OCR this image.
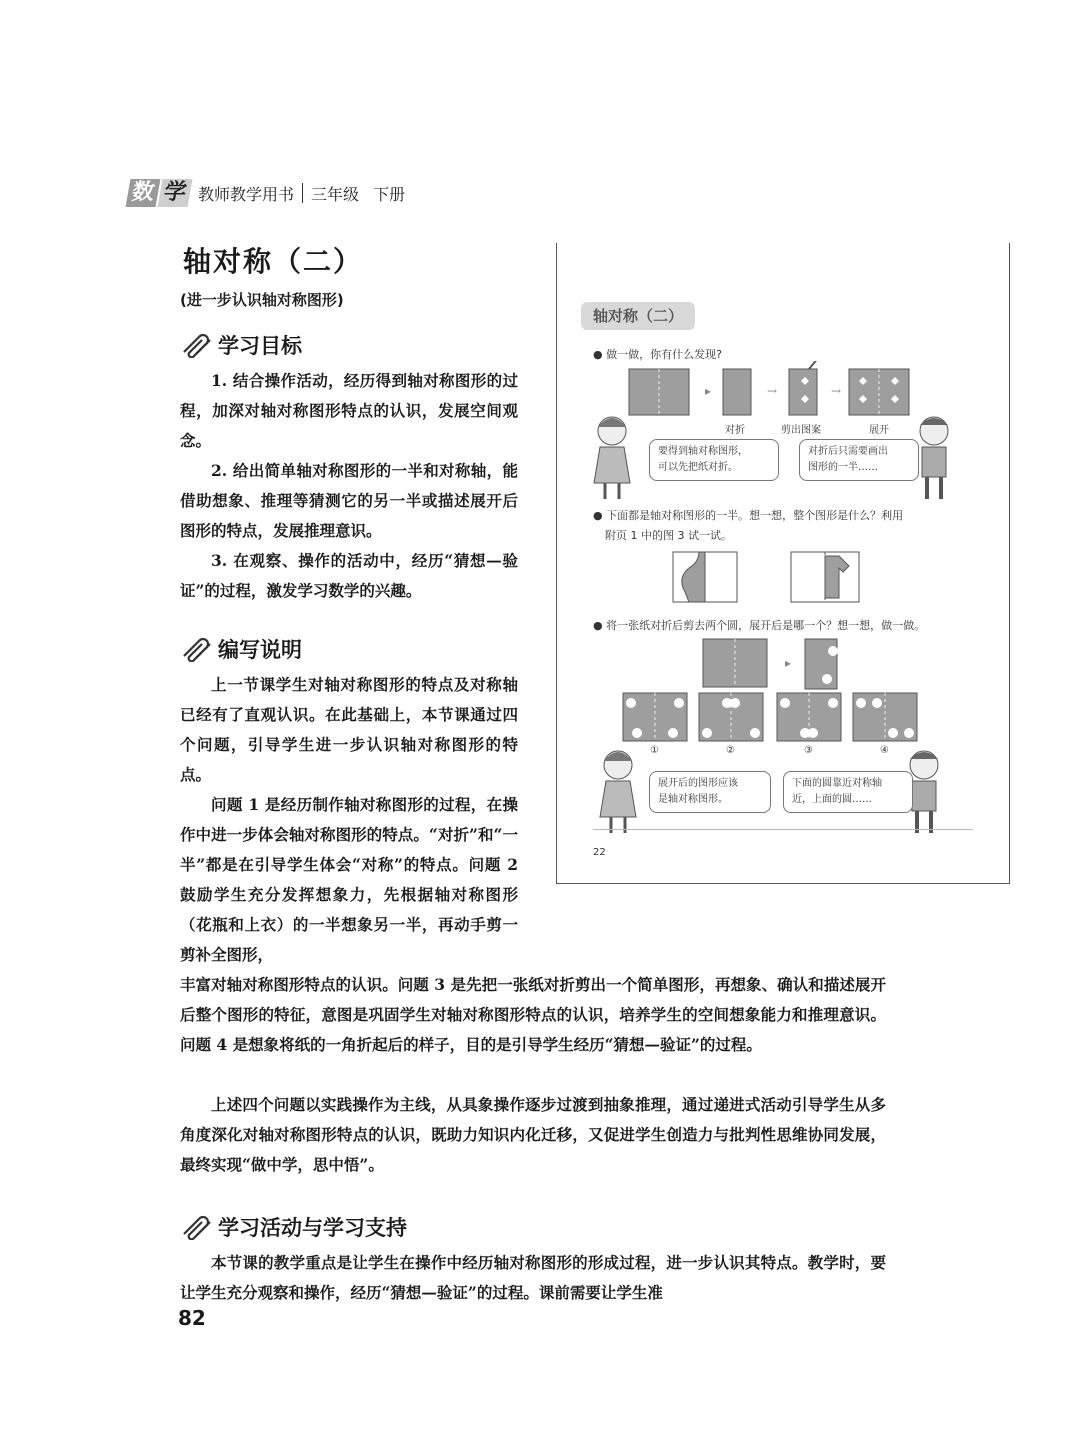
数 学 教师教学用书 三年级 下册
轴对称（二）
(进一步认识轴对称图形)
学习目标

1. 结合操作活动，经历得到轴对称图形的过程，加深对轴对称图形特点的认识，发展空间观念。

2. 给出简单轴对称图形的一半和对称轴，能借助想象、推理等猜测它的另一半或描述展开后图形的特点，发展推理意识。

3. 在观察、操作的活动中，经历“猜想—验证”的过程，激发学习数学的兴趣。

编写说明

上一节课学生对轴对称图形的特点及对称轴已经有了直观认识。在此基础上，本节课通过四个问题，引导学生进一步认识轴对称图形的特点。

问题 1 是经历制作轴对称图形的过程，在操作中进一步体会轴对称图形的特点。“对折”和“一半”都是在引导学生体会“对称”的特点。问题 2 鼓励学生充分发挥想象力，先根据轴对称图形（花瓶和上衣）的一半想象另一半，再动手剪一剪补全图形，

丰富对轴对称图形特点的认识。问题 3 是先把一张纸对折剪出一个简单图形，再想象、确认和描述展开后整个图形的特征，意图是巩固学生对轴对称图形特点的认识，培养学生的空间想象能力和推理意识。问题 4 是想象将纸的一角折起后的样子，目的是引导学生经历“猜想—验证”的过程。

上述四个问题以实践操作为主线，从具象操作逐步过渡到抽象推理，通过递进式活动引导学生从多角度深化对轴对称图形特点的认识，既助力知识内化迁移，又促进学生创造力与批判性思维协同发展，最终实现“做中学，思中悟”。

学习活动与学习支持

本节课的教学重点是让学生在操作中经历轴对称图形的形成过程，进一步认识其特点。教学时，要让学生充分观察和操作，经历“猜想—验证”的过程。课前需要让学生准

轴对称（二）
● 做一做，你有什么发现?
▸	→	→
对折	剪出图案	展开
要得到轴对称图形，
可以先把纸对折。
对折后只需要画出
图形的一半……
● 下面都是轴对称图形的一半。想一想，整个图形是什么？利用
附页 1 中的图 3 试一试。
● 将一张纸对折后剪去两个圆，展开后是哪一个？想一想，做一做。
▸
①	②	③	④
展开后的图形应该
是轴对称图形。
下面的圆靠近对称轴
近，上面的圆……
22
82
